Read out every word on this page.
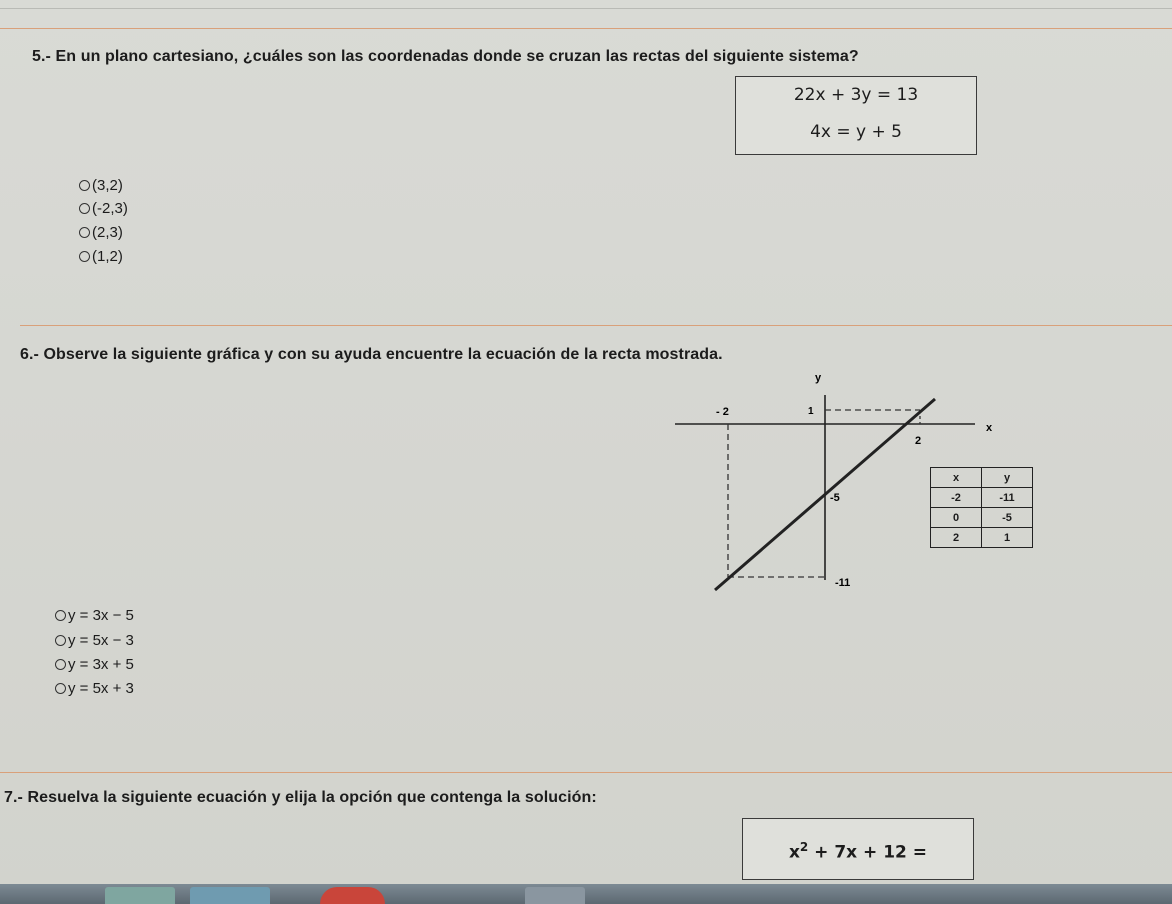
5.- En un plano cartesiano, ¿cuáles son las coordenadas donde se cruzan las rectas del siguiente sistema?
22x + 3y = 13
4x = y + 5
(3,2)
(-2,3)
(2,3)
(1,2)
6.- Observe la siguiente gráfica y con su ayuda encuentre la ecuación de la recta mostrada.
y
x
- 2	1
2
-5
-11
x	y
-2	-11
0	-5
2	1
y = 3x − 5
y = 5x − 3
y = 3x + 5
y = 5x + 3
7.- Resuelva la siguiente ecuación y elija la opción que contenga la solución:
$x^2 + 7x + 12$ =
